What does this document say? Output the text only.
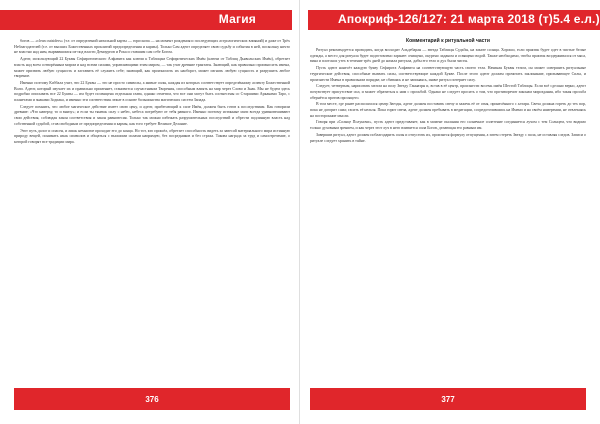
Магия

богов — «clean outsiders» (т.е. от определений натальной карты — гороскопа — на момент рождения и последующих астрологических влияний) и даже от Трёх Неблагодателей (т.е. от высших Божественных проклятий предопределения и кармы). Только Сам адепт определяет свою судьбу и события в ней, поскольку ничто не властно над ним, вырвавшимся из-под власти Демиургов и Рока и ставшим сам себе Богом.

Адепт, использующий 22 Буквы Сефиротического Алфавита как ключи к Таблицам Сефиротических Имён (ключи от Таблиц Дьявольских Имён), обретает власть над всем сотворённым миром и над всеми силами, управляющими этим миром, — так учат древние трактаты. Знающий, как правильно произносить имена, может призвать любую сущность и заставить её служить себе; знающий, как произносить их наоборот, может изгнать любую сущность и разрушить любое творение.

Именно поэтому Каббала учит, что 22 Буквы — это не просто символы, а живые силы, каждая из которых соответствует определённому аспекту Божественной Воли. Адепт, который изучает их и правильно применяет, становится соучастником Творения, способным влиять на мир через Слово и Знак. Мы не будем здесь подробно описывать все 22 Буквы — им будет посвящена отдельная глава, однако отметим, что все они могут быть соотнесены со Старшими Арканами Таро, с планетами и знаками Зодиака, и именно эти соответствия лежат в основе большинства магических систем Запада.

Следует помнить, что любое магическое действие имеет свою цену, и адепт, прибегающий к силе Имён, должен быть готов к последствиям. Как говорили древние: «Что наверху, то и внизу»; и если ты тянешь силу с небес, небеса потребуют от тебя равного. Именно поэтому истинные маги всегда уравновешивают свои действия, соблюдая закон соответствия и закон равновесия. Только так можно избежать разрушительных последствий и обрести подлинную власть над собственной судьбой, став свободным от предопределения и кармы, как того требует Великое Делание.

Этот путь долог и опасен, и лишь немногие проходят его до конца. Но тот, кто прошёл, обретает способность видеть за завесой материального мира истинную природу вещей, понимать язык символов и общаться с высшими силами напрямую, без посредников и без страха. Такова награда за труд и самоотречение, о которой говорят все традиции мира.

376
Апокриф-126/127: 21 марта 2018 (т)5.4 е.л.)
Комментарий к ритуальной части

Ритуал рекомендуется проводить, когда восходит Альдебаран — звезда Таблицы Судьбы, на закате солнца. Хорошо, если практик будет одет в чистые белые одежды, а место для ритуала будет подготовлено заранее: очищено, окурено ладаном и освящено водой. Также необходимо, чтобы практик воздерживался от мяса, вина и плотских утех в течение трёх дней до начала ритуала, дабы его тело и дух были чисты.

Пусть адепт нанесёт каждую букву Сефирота Алфавита на соответствующую часть своего тела. Начиная Буквы телом, он может совершить ритуальные теургические действия, способные вызвать силы, соответствующие каждой Букве. После этого адепт должен прочитать заклинание, призывающее Силы, и произнести Имена в правильном порядке, не сбиваясь и не запинаясь, иначе ритуал потеряет силу.

Следует, четвертым, нарисовать мелом на полу Звезду Ганнаэрн и, встав в её центр, произнести восемь имён Шестой Таблицы. Если всё сделано верно, адепт почувствует присутствие сил, и может обратиться к ним с просьбой. Однако не следует просить о том, что противоречит законам мироздания, ибо такая просьба обернётся против просящего.

В том месте, где ранее располагался центр Звезды, адепт должен поставить свечу и зажечь её от огня, принесённого с алтаря. Свеча должна гореть до тех пор, пока не догорит сама; гасить её нельзя. Пока горит свеча, адепт должен пребывать в медитации, сосредоточившись на Имени и на своём намерении, не отвлекаясь на посторонние мысли.

Говоря при «Солнце Полуночи», пусть адепт представляет, как в момент пылания его солнечное сплетение соединяется лучом с тем Солнцем, что видимо только духовным зрением, и как через этот луч в него вливается сила Богов, делающая его равным им.

Завершив ритуал, адепт должен поблагодарить силы и отпустить их, произнеся формулу отпущения, а затем стереть Звезду с пола, не оставляя следов. Записи о ритуале следует хранить в тайне.

377
